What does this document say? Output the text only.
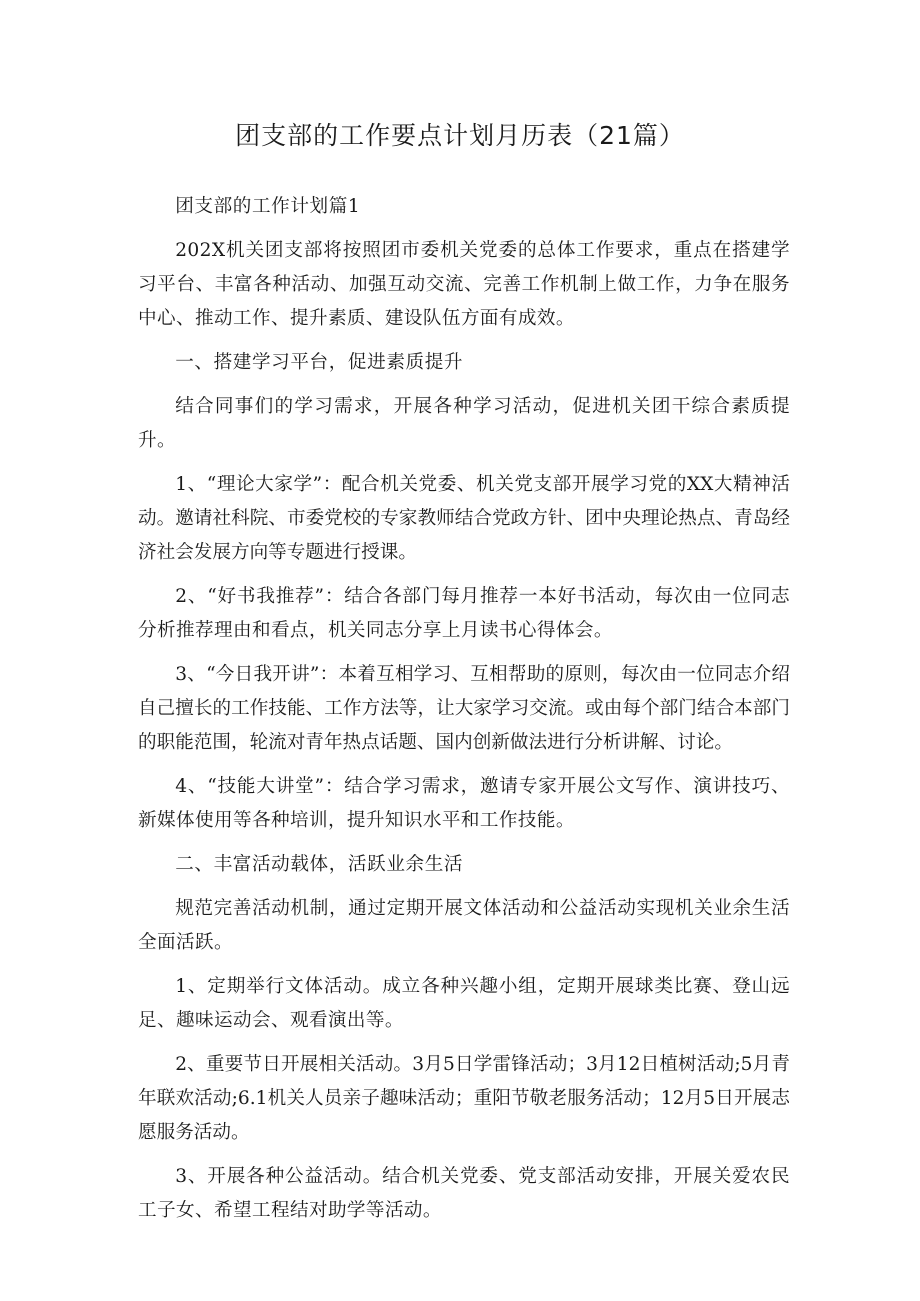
团支部的工作要点计划月历表（21篇）

团支部的工作计划篇1

202X机关团支部将按照团市委机关党委的总体工作要求，重点在搭建学习平台、丰富各种活动、加强互动交流、完善工作机制上做工作，力争在服务中心、推动工作、提升素质、建设队伍方面有成效。

一、搭建学习平台，促进素质提升

结合同事们的学习需求，开展各种学习活动，促进机关团干综合素质提升。

1、“理论大家学”：配合机关党委、机关党支部开展学习党的XX大精神活动。邀请社科院、市委党校的专家教师结合党政方针、团中央理论热点、青岛经济社会发展方向等专题进行授课。

2、“好书我推荐”：结合各部门每月推荐一本好书活动，每次由一位同志分析推荐理由和看点，机关同志分享上月读书心得体会。

3、“今日我开讲”：本着互相学习、互相帮助的原则，每次由一位同志介绍自己擅长的工作技能、工作方法等，让大家学习交流。或由每个部门结合本部门的职能范围，轮流对青年热点话题、国内创新做法进行分析讲解、讨论。

4、“技能大讲堂”：结合学习需求，邀请专家开展公文写作、演讲技巧、新媒体使用等各种培训，提升知识水平和工作技能。

二、丰富活动载体，活跃业余生活

规范完善活动机制，通过定期开展文体活动和公益活动实现机关业余生活全面活跃。

1、定期举行文体活动。成立各种兴趣小组，定期开展球类比赛、登山远足、趣味运动会、观看演出等。

2、重要节日开展相关活动。3月5日学雷锋活动；3月12日植树活动;5月青年联欢活动;6.1机关人员亲子趣味活动；重阳节敬老服务活动；12月5日开展志愿服务活动。

3、开展各种公益活动。结合机关党委、党支部活动安排，开展关爱农民工子女、希望工程结对助学等活动。
